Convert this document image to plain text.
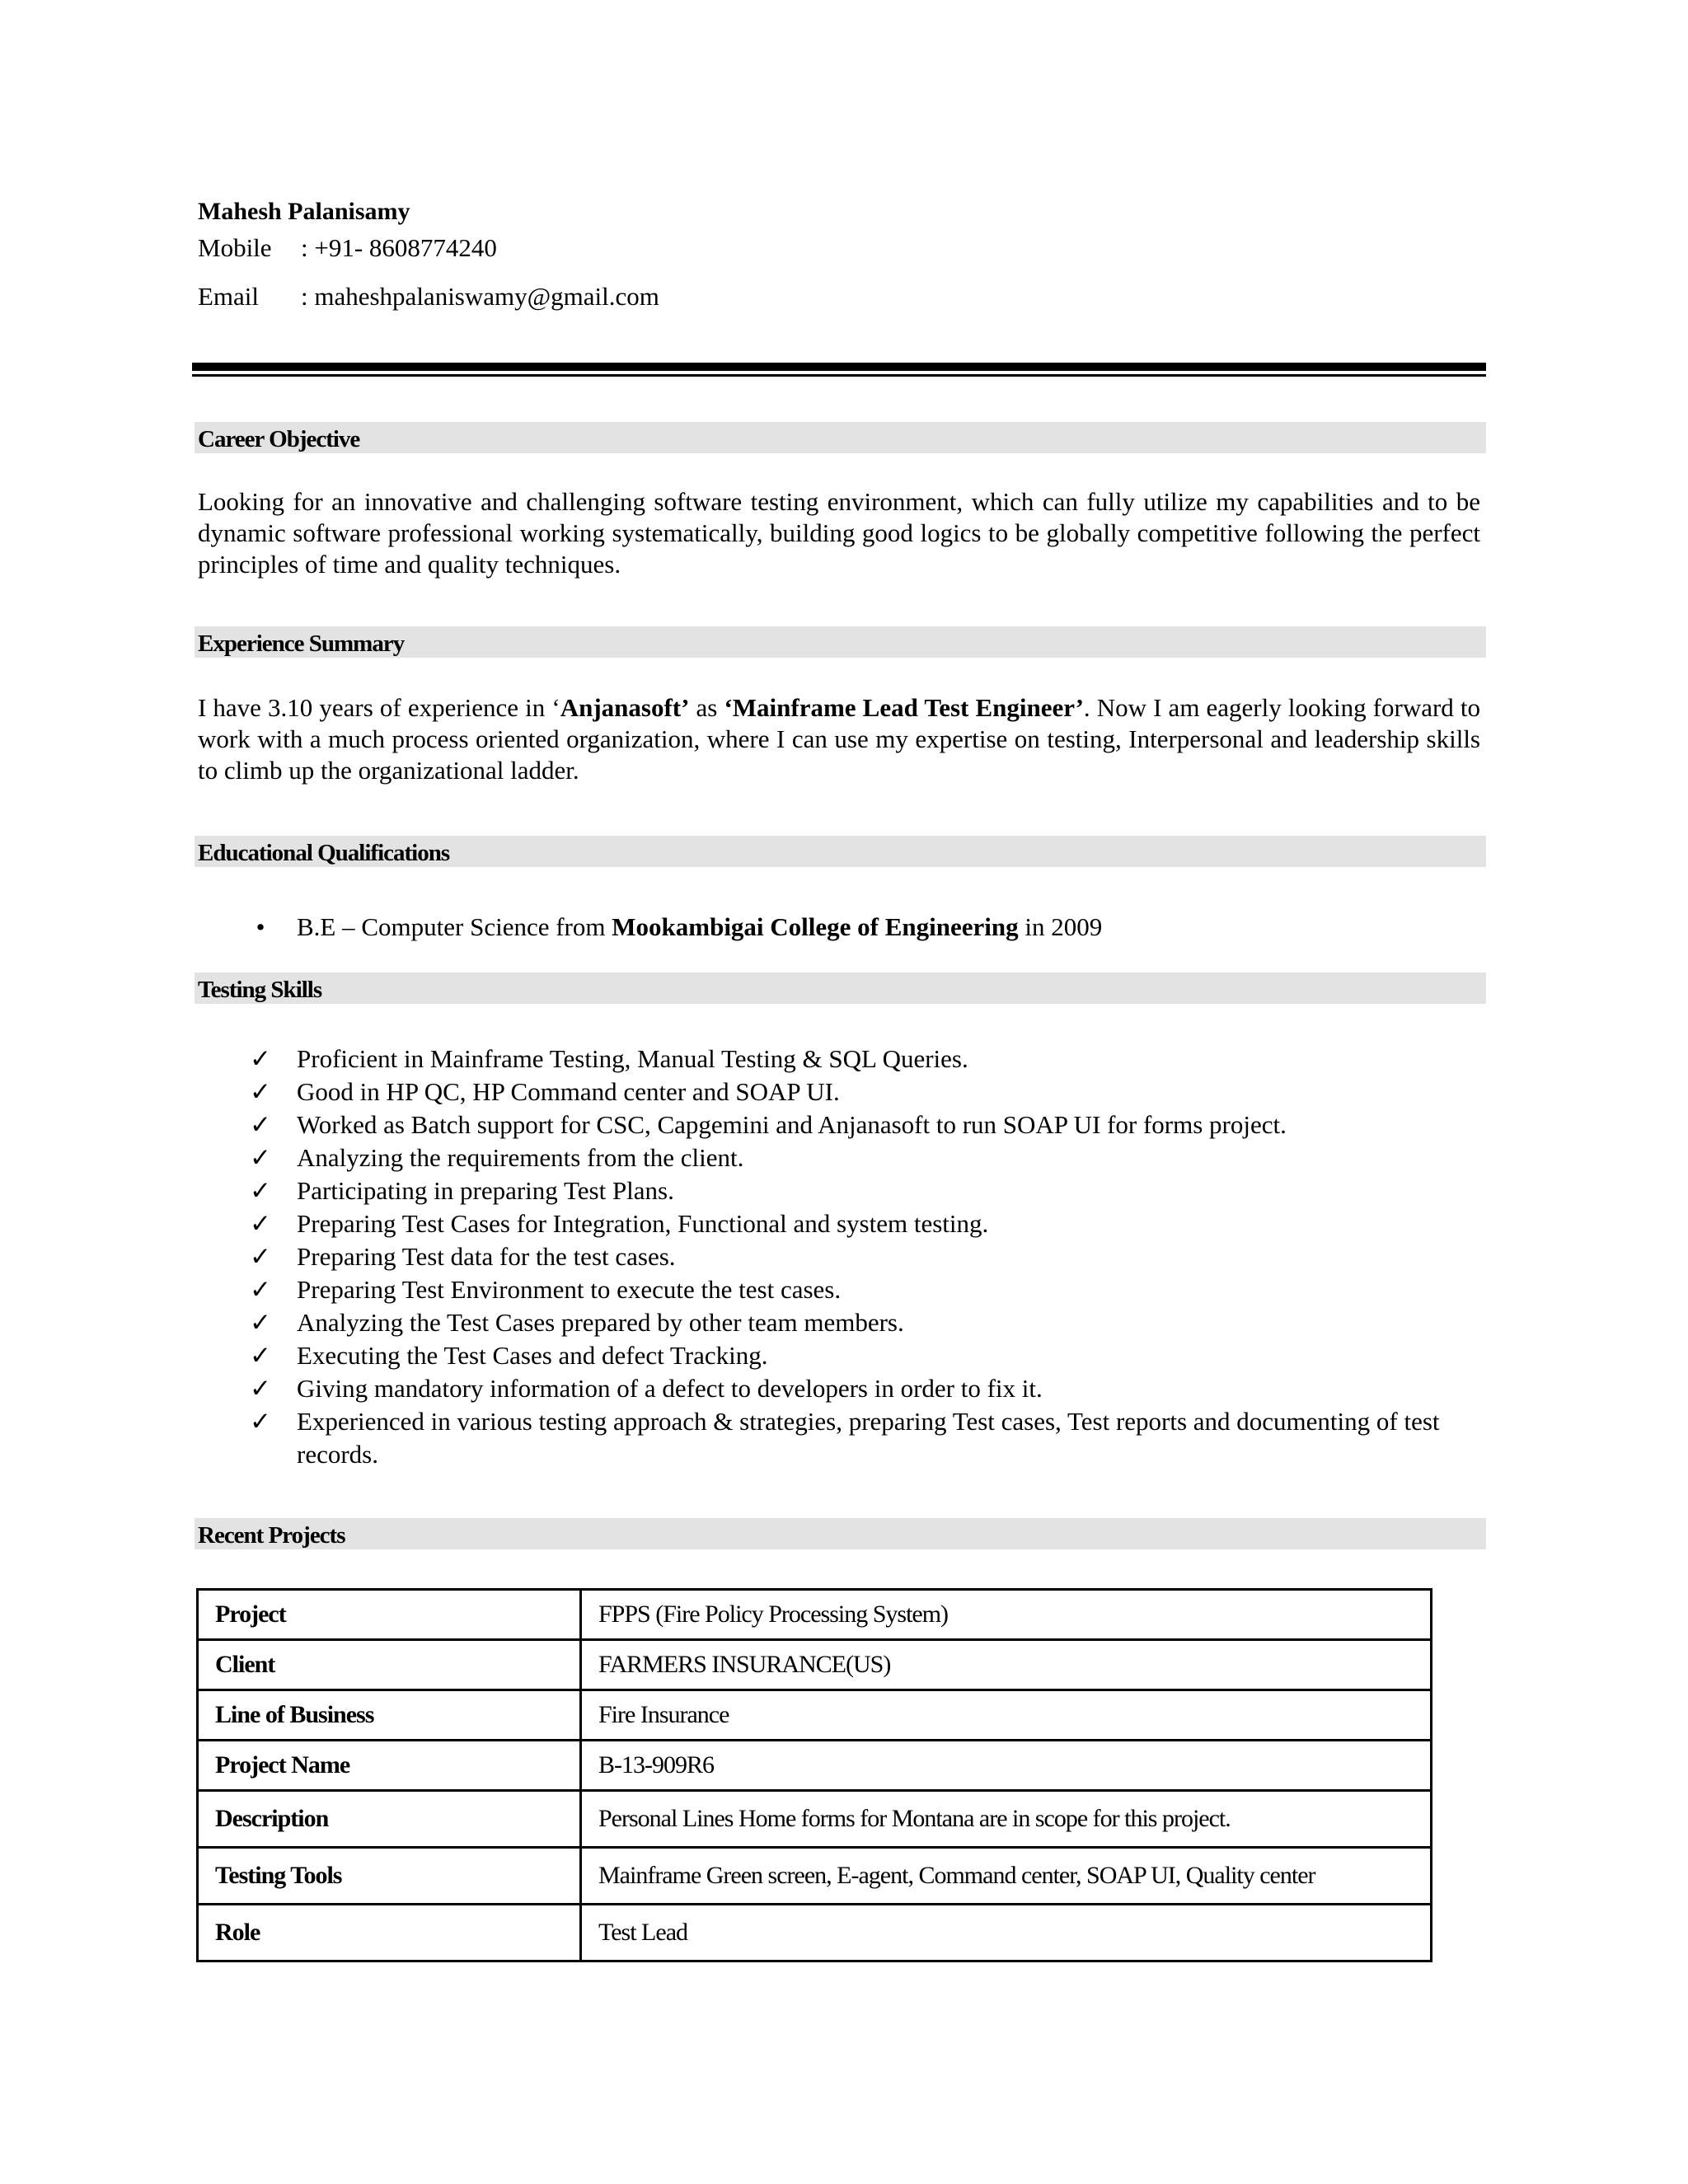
Mahesh Palanisamy
Mobile : +91- 8608774240
Email : maheshpalaniswamy@gmail.com
Career Objective
Looking for an innovative and challenging software testing environment, which can fully utilize my capabilities and to be dynamic software professional working systematically, building good logics to be globally competitive following the perfect principles of time and quality techniques.
Experience Summary
I have 3.10 years of experience in ‘Anjanasoft’ as ‘Mainframe Lead Test Engineer’. Now I am eagerly looking forward to work with a much process oriented organization, where I can use my expertise on testing, Interpersonal and leadership skills to climb up the organizational ladder.
Educational Qualifications
•	B.E – Computer Science from Mookambigai College of Engineering in 2009
Testing Skills
✓ Proficient in Mainframe Testing, Manual Testing & SQL Queries.
✓ Good in HP QC, HP Command center and SOAP UI.
✓ Worked as Batch support for CSC, Capgemini and Anjanasoft to run SOAP UI for forms project.
✓ Analyzing the requirements from the client.
✓ Participating in preparing Test Plans.
✓ Preparing Test Cases for Integration, Functional and system testing.
✓ Preparing Test data for the test cases.
✓ Preparing Test Environment to execute the test cases.
✓ Analyzing the Test Cases prepared by other team members.
✓ Executing the Test Cases and defect Tracking.
✓ Giving mandatory information of a defect to developers in order to fix it.
✓ Experienced in various testing approach & strategies, preparing Test cases, Test reports and documenting of test records.
Recent Projects
Project	FPPS (Fire Policy Processing System)
Client	FARMERS INSURANCE(US)
Line of Business	Fire Insurance
Project Name	B-13-909R6
Description	Personal Lines Home forms for Montana are in scope for this project.
Testing Tools	Mainframe Green screen, E-agent, Command center, SOAP UI, Quality center
Role	Test Lead
